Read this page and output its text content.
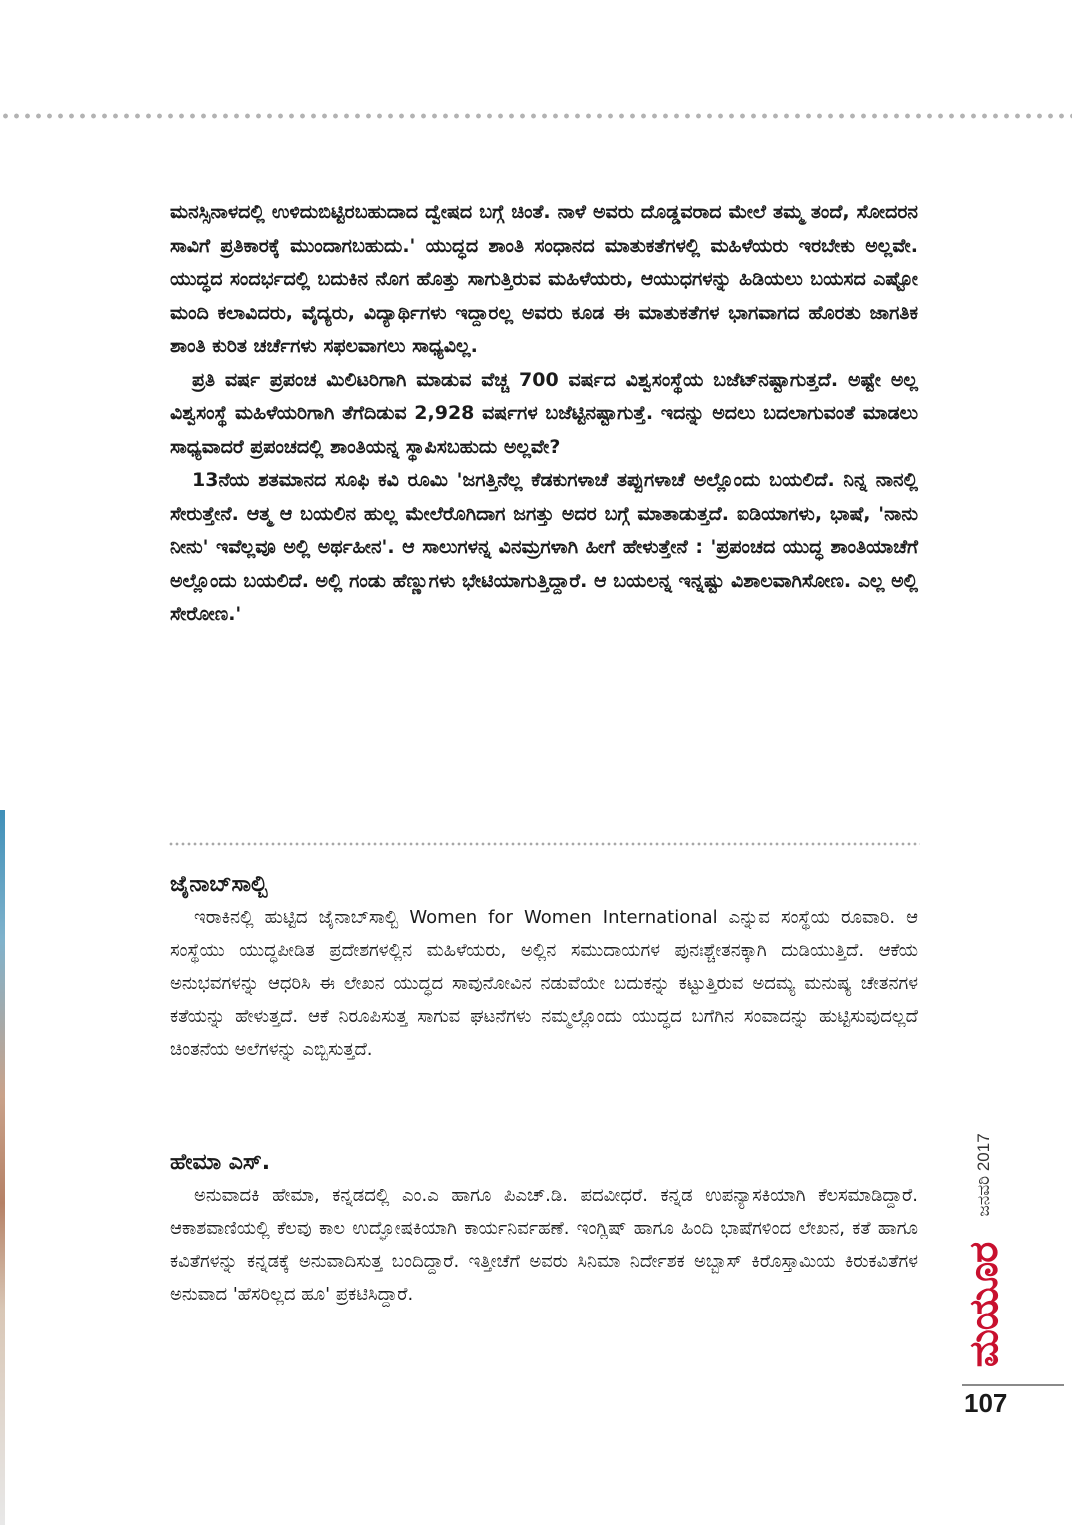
ಮನಸ್ಸಿನಾಳದಲ್ಲಿ ಉಳಿದುಬಿಟ್ಟಿರಬಹುದಾದ ದ್ವೇಷದ ಬಗ್ಗೆ ಚಿಂತೆ. ನಾಳೆ ಅವರು ದೊಡ್ಡವರಾದ ಮೇಲೆ ತಮ್ಮ ತಂದೆ, ಸೋದರನ ಸಾವಿಗೆ ಪ್ರತಿಕಾರಕ್ಕೆ ಮುಂದಾಗಬಹುದು.' ಯುದ್ಧದ ಶಾಂತಿ ಸಂಧಾನದ ಮಾತುಕತೆಗಳಲ್ಲಿ ಮಹಿಳೆಯರು ಇರಬೇಕು ಅಲ್ಲವೇ. ಯುದ್ಧದ ಸಂದರ್ಭದಲ್ಲಿ ಬದುಕಿನ ನೊಗ ಹೊತ್ತು ಸಾಗುತ್ತಿರುವ ಮಹಿಳೆಯರು, ಆಯುಧಗಳನ್ನು ಹಿಡಿಯಲು ಬಯಸದ ಎಷ್ಟೋ ಮಂದಿ ಕಲಾವಿದರು, ವೈದ್ಯರು, ವಿದ್ಯಾರ್ಥಿಗಳು ಇದ್ದಾರಲ್ಲ ಅವರು ಕೂಡ ಈ ಮಾತುಕತೆಗಳ ಭಾಗವಾಗದ ಹೊರತು ಜಾಗತಿಕ ಶಾಂತಿ ಕುರಿತ ಚರ್ಚೆಗಳು ಸಫಲವಾಗಲು ಸಾಧ್ಯವಿಲ್ಲ.

ಪ್ರತಿ ವರ್ಷ ಪ್ರಪಂಚ ಮಿಲಿಟರಿಗಾಗಿ ಮಾಡುವ ವೆಚ್ಚ 700 ವರ್ಷದ ವಿಶ್ವಸಂಸ್ಥೆಯ ಬಜೆಟ್‌ನಷ್ಟಾಗುತ್ತದೆ. ಅಷ್ಟೇ ಅಲ್ಲ ವಿಶ್ವಸಂಸ್ಥೆ ಮಹಿಳೆಯರಿಗಾಗಿ ತೆಗೆದಿಡುವ 2,928 ವರ್ಷಗಳ ಬಜೆಟ್ಟಿನಷ್ಟಾಗುತ್ತೆ. ಇದನ್ನು ಅದಲು ಬದಲಾಗುವಂತೆ ಮಾಡಲು ಸಾಧ್ಯವಾದರೆ ಪ್ರಪಂಚದಲ್ಲಿ ಶಾಂತಿಯನ್ನ ಸ್ಥಾಪಿಸಬಹುದು ಅಲ್ಲವೇ?

13ನೆಯ ಶತಮಾನದ ಸೂಫಿ ಕವಿ ರೂಮಿ 'ಜಗತ್ತಿನೆಲ್ಲ ಕೆಡಕುಗಳಾಚೆ ತಪ್ಪುಗಳಾಚೆ ಅಲ್ಲೊಂದು ಬಯಲಿದೆ. ನಿನ್ನ ನಾನಲ್ಲಿ ಸೇರುತ್ತೇನೆ. ಆತ್ಮ ಆ ಬಯಲಿನ ಹುಲ್ಲ ಮೇಲೆರೊಗಿದಾಗ ಜಗತ್ತು ಅದರ ಬಗ್ಗೆ ಮಾತಾಡುತ್ತದೆ. ಐಡಿಯಾಗಳು, ಭಾಷೆ, 'ನಾನು ನೀನು' ಇವೆಲ್ಲವೂ ಅಲ್ಲಿ ಅರ್ಥಹೀನ'. ಆ ಸಾಲುಗಳನ್ನ ವಿನಮ್ರಗಳಾಗಿ ಹೀಗೆ ಹೇಳುತ್ತೇನೆ : 'ಪ್ರಪಂಚದ ಯುದ್ಧ ಶಾಂತಿಯಾಚೆಗೆ ಅಲ್ಲೊಂದು ಬಯಲಿದೆ. ಅಲ್ಲಿ ಗಂಡು ಹೆಣ್ಣುಗಳು ಭೇಟಿಯಾಗುತ್ತಿದ್ದಾರೆ. ಆ ಬಯಲನ್ನ ಇನ್ನಷ್ಟು ವಿಶಾಲವಾಗಿಸೋಣ. ಎಲ್ಲ ಅಲ್ಲಿ ಸೇರೋಣ.'

ಜೈನಾಬ್‌ಸಾಲ್ಬಿ

ಇರಾಕಿನಲ್ಲಿ ಹುಟ್ಟಿದ ಜೈನಾಬ್‌ಸಾಲ್ಬಿ Women for Women International ಎನ್ನುವ ಸಂಸ್ಥೆಯ ರೂವಾರಿ. ಆ ಸಂಸ್ಥೆಯು ಯುದ್ಧಪೀಡಿತ ಪ್ರದೇಶಗಳಲ್ಲಿನ ಮಹಿಳೆಯರು, ಅಲ್ಲಿನ ಸಮುದಾಯಗಳ ಪುನಃಶ್ಚೇತನಕ್ಕಾಗಿ ದುಡಿಯುತ್ತಿದೆ. ಆಕೆಯ ಅನುಭವಗಳನ್ನು ಆಧರಿಸಿ ಈ ಲೇಖನ ಯುದ್ಧದ ಸಾವುನೋವಿನ ನಡುವೆಯೇ ಬದುಕನ್ನು ಕಟ್ಟುತ್ತಿರುವ ಅದಮ್ಯ ಮನುಷ್ಯ ಚೇತನಗಳ ಕತೆಯನ್ನು ಹೇಳುತ್ತದೆ. ಆಕೆ ನಿರೂಪಿಸುತ್ತ ಸಾಗುವ ಘಟನೆಗಳು ನಮ್ಮಲ್ಲೊಂದು ಯುದ್ಧದ ಬಗೆಗಿನ ಸಂವಾದನ್ನು ಹುಟ್ಟಿಸುವುದಲ್ಲದೆ ಚಿಂತನೆಯ ಅಲೆಗಳನ್ನು ಎಬ್ಬಿಸುತ್ತದೆ.

ಹೇಮಾ ಎಸ್.

ಅನುವಾದಕಿ ಹೇಮಾ, ಕನ್ನಡದಲ್ಲಿ ಎಂ.ಎ ಹಾಗೂ ಪಿಎಚ್.ಡಿ. ಪದವೀಧರೆ. ಕನ್ನಡ ಉಪನ್ಯಾಸಕಿಯಾಗಿ ಕೆಲಸಮಾಡಿದ್ದಾರೆ. ಆಕಾಶವಾಣಿಯಲ್ಲಿ ಕೆಲವು ಕಾಲ ಉದ್ಘೋಷಕಿಯಾಗಿ ಕಾರ್ಯನಿರ್ವಹಣೆ. ಇಂಗ್ಲಿಷ್ ಹಾಗೂ ಹಿಂದಿ ಭಾಷೆಗಳಿಂದ ಲೇಖನ, ಕತೆ ಹಾಗೂ ಕವಿತೆಗಳನ್ನು ಕನ್ನಡಕ್ಕೆ ಅನುವಾದಿಸುತ್ತ ಬಂದಿದ್ದಾರೆ. ಇತ್ತೀಚೆಗೆ ಅವರು ಸಿನಿಮಾ ನಿರ್ದೇಶಕ ಅಬ್ಬಾಸ್ ಕಿರೊಸ್ತಾಮಿಯ ಕಿರುಕವಿತೆಗಳ ಅನುವಾದ 'ಹೆಸರಿಲ್ಲದ ಹೂ' ಪ್ರಕಟಿಸಿದ್ದಾರೆ.

ಜನವರಿ 2017
ಮಯೂರ
107
